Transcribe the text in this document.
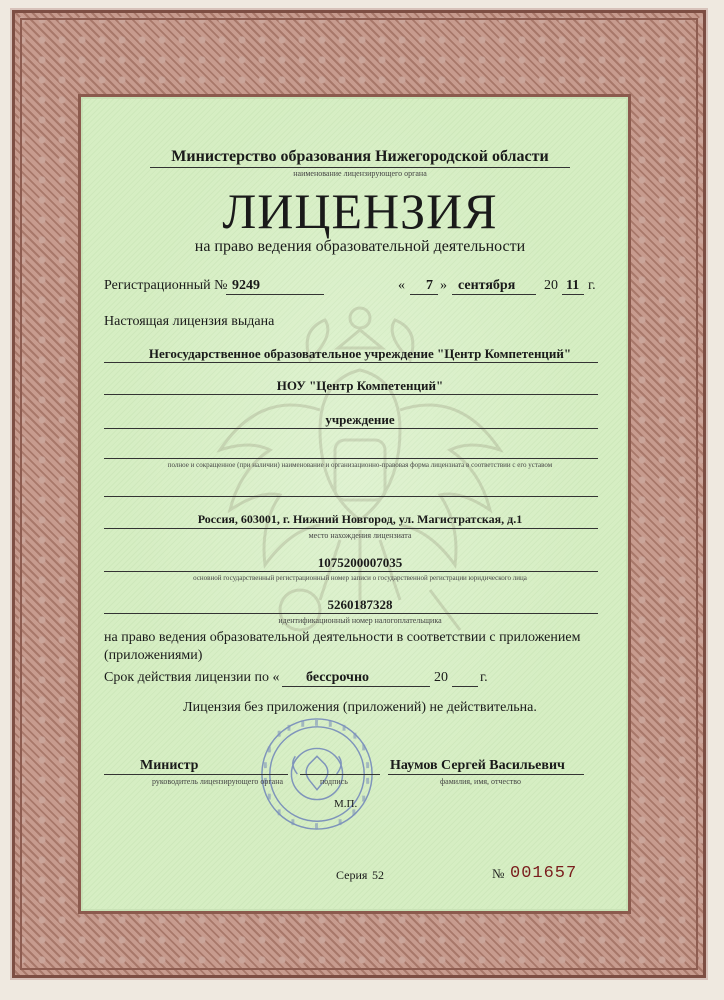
Министерство образования Нижегородской области
наименование лицензирующего органа
ЛИЦЕНЗИЯ
на право ведения образовательной деятельности
Регистрационный № 9249	« 7 » сентября 20 11 г.
Настоящая лицензия выдана
Негосударственное образовательное учреждение "Центр Компетенций"
НОУ "Центр Компетенций"
учреждение
полное и сокращенное (при наличии) наименование и организационно-правовая форма лицензиата в соответствии с его уставом
Россия, 603001, г. Нижний Новгород, ул. Магистратская, д.1
место нахождения лицензиата
1075200007035
основной государственный регистрационный номер записи о государственной регистрации юридического лица
5260187328
идентификационный номер налогоплательщика
на право ведения образовательной деятельности в соответствии с приложением
(приложениями)
Срок действия лицензии по « бессрочно	20 г.
Лицензия без приложения (приложений) не действительна.
Министр
руководитель лицензирующего органа	подпись
Наумов Сергей Васильевич
фамилия, имя, отчество
М.П.
Серия 52	№ 001657
